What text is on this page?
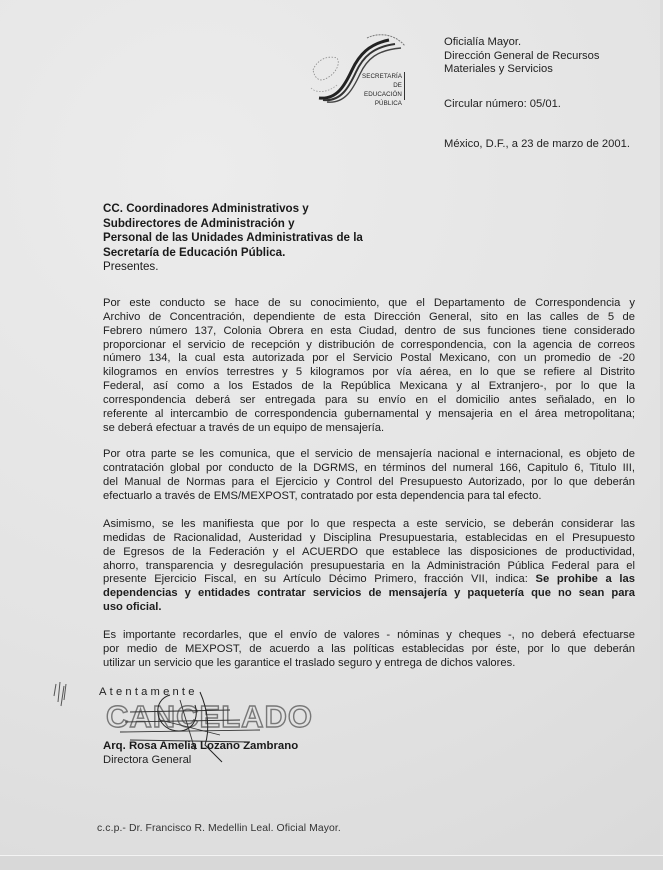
SECRETARÍA DE
EDUCACIÓN
PÚBLICA
Oficialía Mayor.
Dirección General de Recursos
Materiales y Servicios
Circular número: 05/01.
México, D.F., a 23 de marzo de 2001.
CC. Coordinadores Administrativos y
Subdirectores de Administración y
Personal de las Unidades Administrativas de la
Secretaría de Educación Pública.
Presentes.
Por este conducto se hace de su conocimiento, que el Departamento de Correspondencia y
Archivo de Concentración, dependiente de esta Dirección General, sito en las calles de 5 de
Febrero número 137, Colonia Obrera en esta Ciudad, dentro de sus funciones tiene considerado
proporcionar el servicio de recepción y distribución de correspondencia, con la agencia de correos
número 134, la cual esta autorizada por el Servicio Postal Mexicano, con un promedio de -20
kilogramos en envíos terrestres y 5 kilogramos por vía aérea, en lo que se refiere al Distrito
Federal, así como a los Estados de la República Mexicana y al Extranjero-, por lo que la
correspondencia deberá ser entregada para su envío en el domicilio antes señalado, en lo
referente al intercambio de correspondencia gubernamental y mensajeria en el área metropolitana;
se deberá efectuar a través de un equipo de mensajería.
Por otra parte se les comunica, que el servicio de mensajería nacional e internacional, es objeto de
contratación global por conducto de la DGRMS, en términos del numeral 166, Capitulo 6, Titulo III,
del Manual de Normas para el Ejercicio y Control del Presupuesto Autorizado, por lo que deberán
efectuarlo a través de EMS/MEXPOST, contratado por esta dependencia para tal efecto.
Asimismo, se les manifiesta que por lo que respecta a este servicio, se deberán considerar las
medidas de Racionalidad, Austeridad y Disciplina Presupuestaria, establecidas en el Presupuesto
de Egresos de la Federación y el ACUERDO que establece las disposiciones de productividad,
ahorro, transparencia y desregulación presupuestaria en la Administración Pública Federal para el
presente Ejercicio Fiscal, en su Artículo Décimo Primero, fracción VII, indica: Se prohibe a las
dependencias y entidades contratar servicios de mensajería y paquetería que no sean para
uso oficial.
Es importante recordarles, que el envío de valores - nóminas y cheques -, no deberá efectuarse
por medio de MEXPOST, de acuerdo a las políticas establecidas por éste, por lo que deberán
utilizar un servicio que les garantice el traslado seguro y entrega de dichos valores.
Atentamente
CANCELADO
Arq. Rosa Amelia Lozano Zambrano
Directora General
c.c.p.- Dr. Francisco R. Medellin Leal. Oficial Mayor.
